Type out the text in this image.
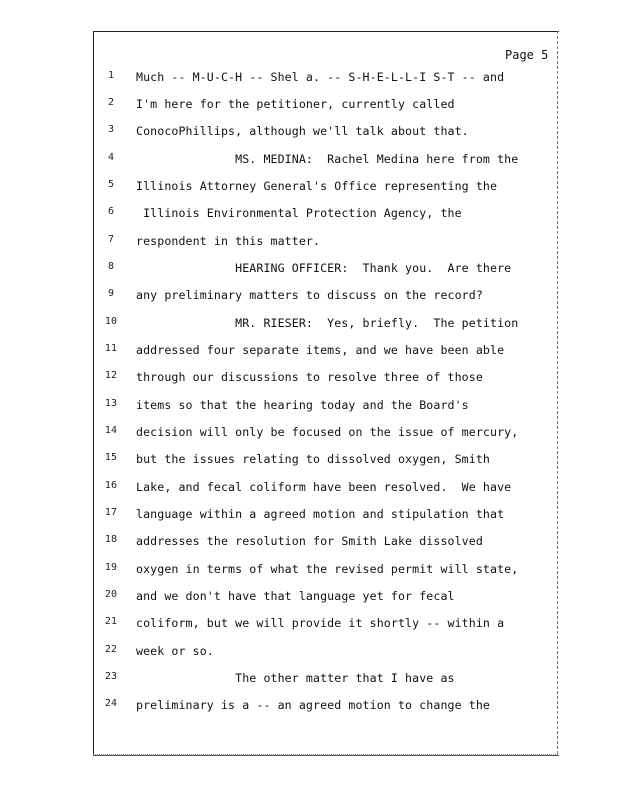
Page 5
1	Much -- M-U-C-H -- Shel a. -- S-H-E-L-L-I S-T -- and
2	I'm here for the petitioner, currently called
3	ConocoPhillips, although we'll talk about that.
4	MS. MEDINA:  Rachel Medina here from the
5	Illinois Attorney General's Office representing the
6	Illinois Environmental Protection Agency, the
7	respondent in this matter.
8	HEARING OFFICER:  Thank you.  Are there
9	any preliminary matters to discuss on the record?
10	MR. RIESER:  Yes, briefly.  The petition
11	addressed four separate items, and we have been able
12	through our discussions to resolve three of those
13	items so that the hearing today and the Board's
14	decision will only be focused on the issue of mercury,
15	but the issues relating to dissolved oxygen, Smith
16	Lake, and fecal coliform have been resolved.  We have
17	language within a agreed motion and stipulation that
18	addresses the resolution for Smith Lake dissolved
19	oxygen in terms of what the revised permit will state,
20	and we don't have that language yet for fecal
21	coliform, but we will provide it shortly -- within a
22	week or so.
23	The other matter that I have as
24	preliminary is a -- an agreed motion to change the
